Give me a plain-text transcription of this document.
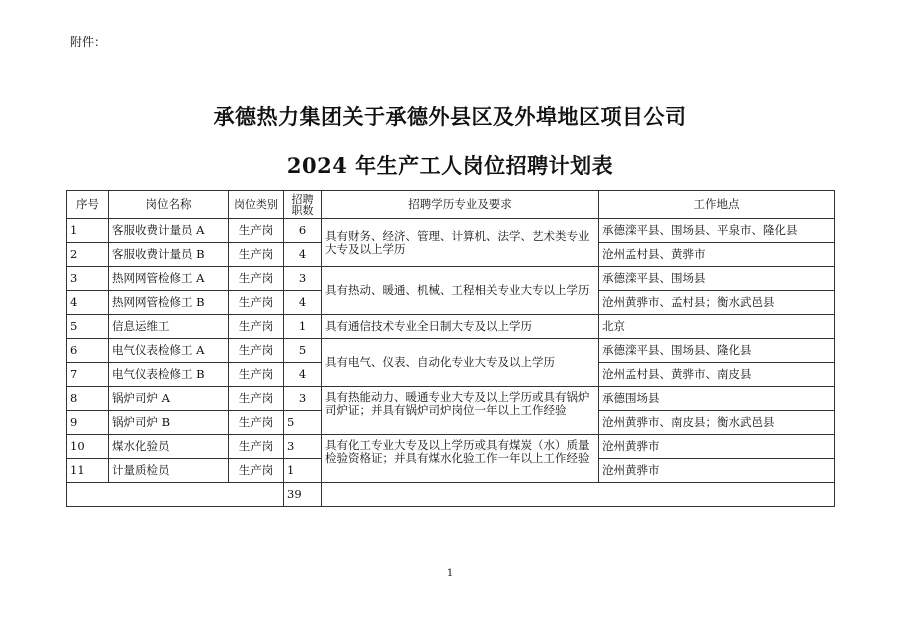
附件：
承德热力集团关于承德外县区及外埠地区项目公司
2024 年生产工人岗位招聘计划表
序号	岗位名称	岗位类别	招聘职数	招聘学历专业及要求	工作地点
1	客服收费计量员 A	生产岗	6	具有财务、经济、管理、计算机、法学、艺术类专业大专及以上学历	承德滦平县、围场县、平泉市、隆化县
2	客服收费计量员 B	生产岗	4		沧州孟村县、黄骅市
3	热网网管检修工 A	生产岗	3	具有热动、暖通、机械、工程相关专业大专以上学历	承德滦平县、围场县
4	热网网管检修工 B	生产岗	4		沧州黄骅市、孟村县；衡水武邑县
5	信息运维工	生产岗	1	具有通信技术专业全日制大专及以上学历	北京
6	电气仪表检修工 A	生产岗	5	具有电气、仪表、自动化专业大专及以上学历	承德滦平县、围场县、隆化县
7	电气仪表检修工 B	生产岗	4		沧州孟村县、黄骅市、南皮县
8	锅炉司炉 A	生产岗	3	具有热能动力、暖通专业大专及以上学历或具有锅炉司炉证；并具有锅炉司炉岗位一年以上工作经验	承德围场县
9	锅炉司炉 B	生产岗	5		沧州黄骅市、南皮县；衡水武邑县
10	煤水化验员	生产岗	3	具有化工专业大专及以上学历或具有煤炭（水）质量检验资格证；并具有煤水化验工作一年以上工作经验	沧州黄骅市
11	计量质检员	生产岗	1		沧州黄骅市
			39		
1
